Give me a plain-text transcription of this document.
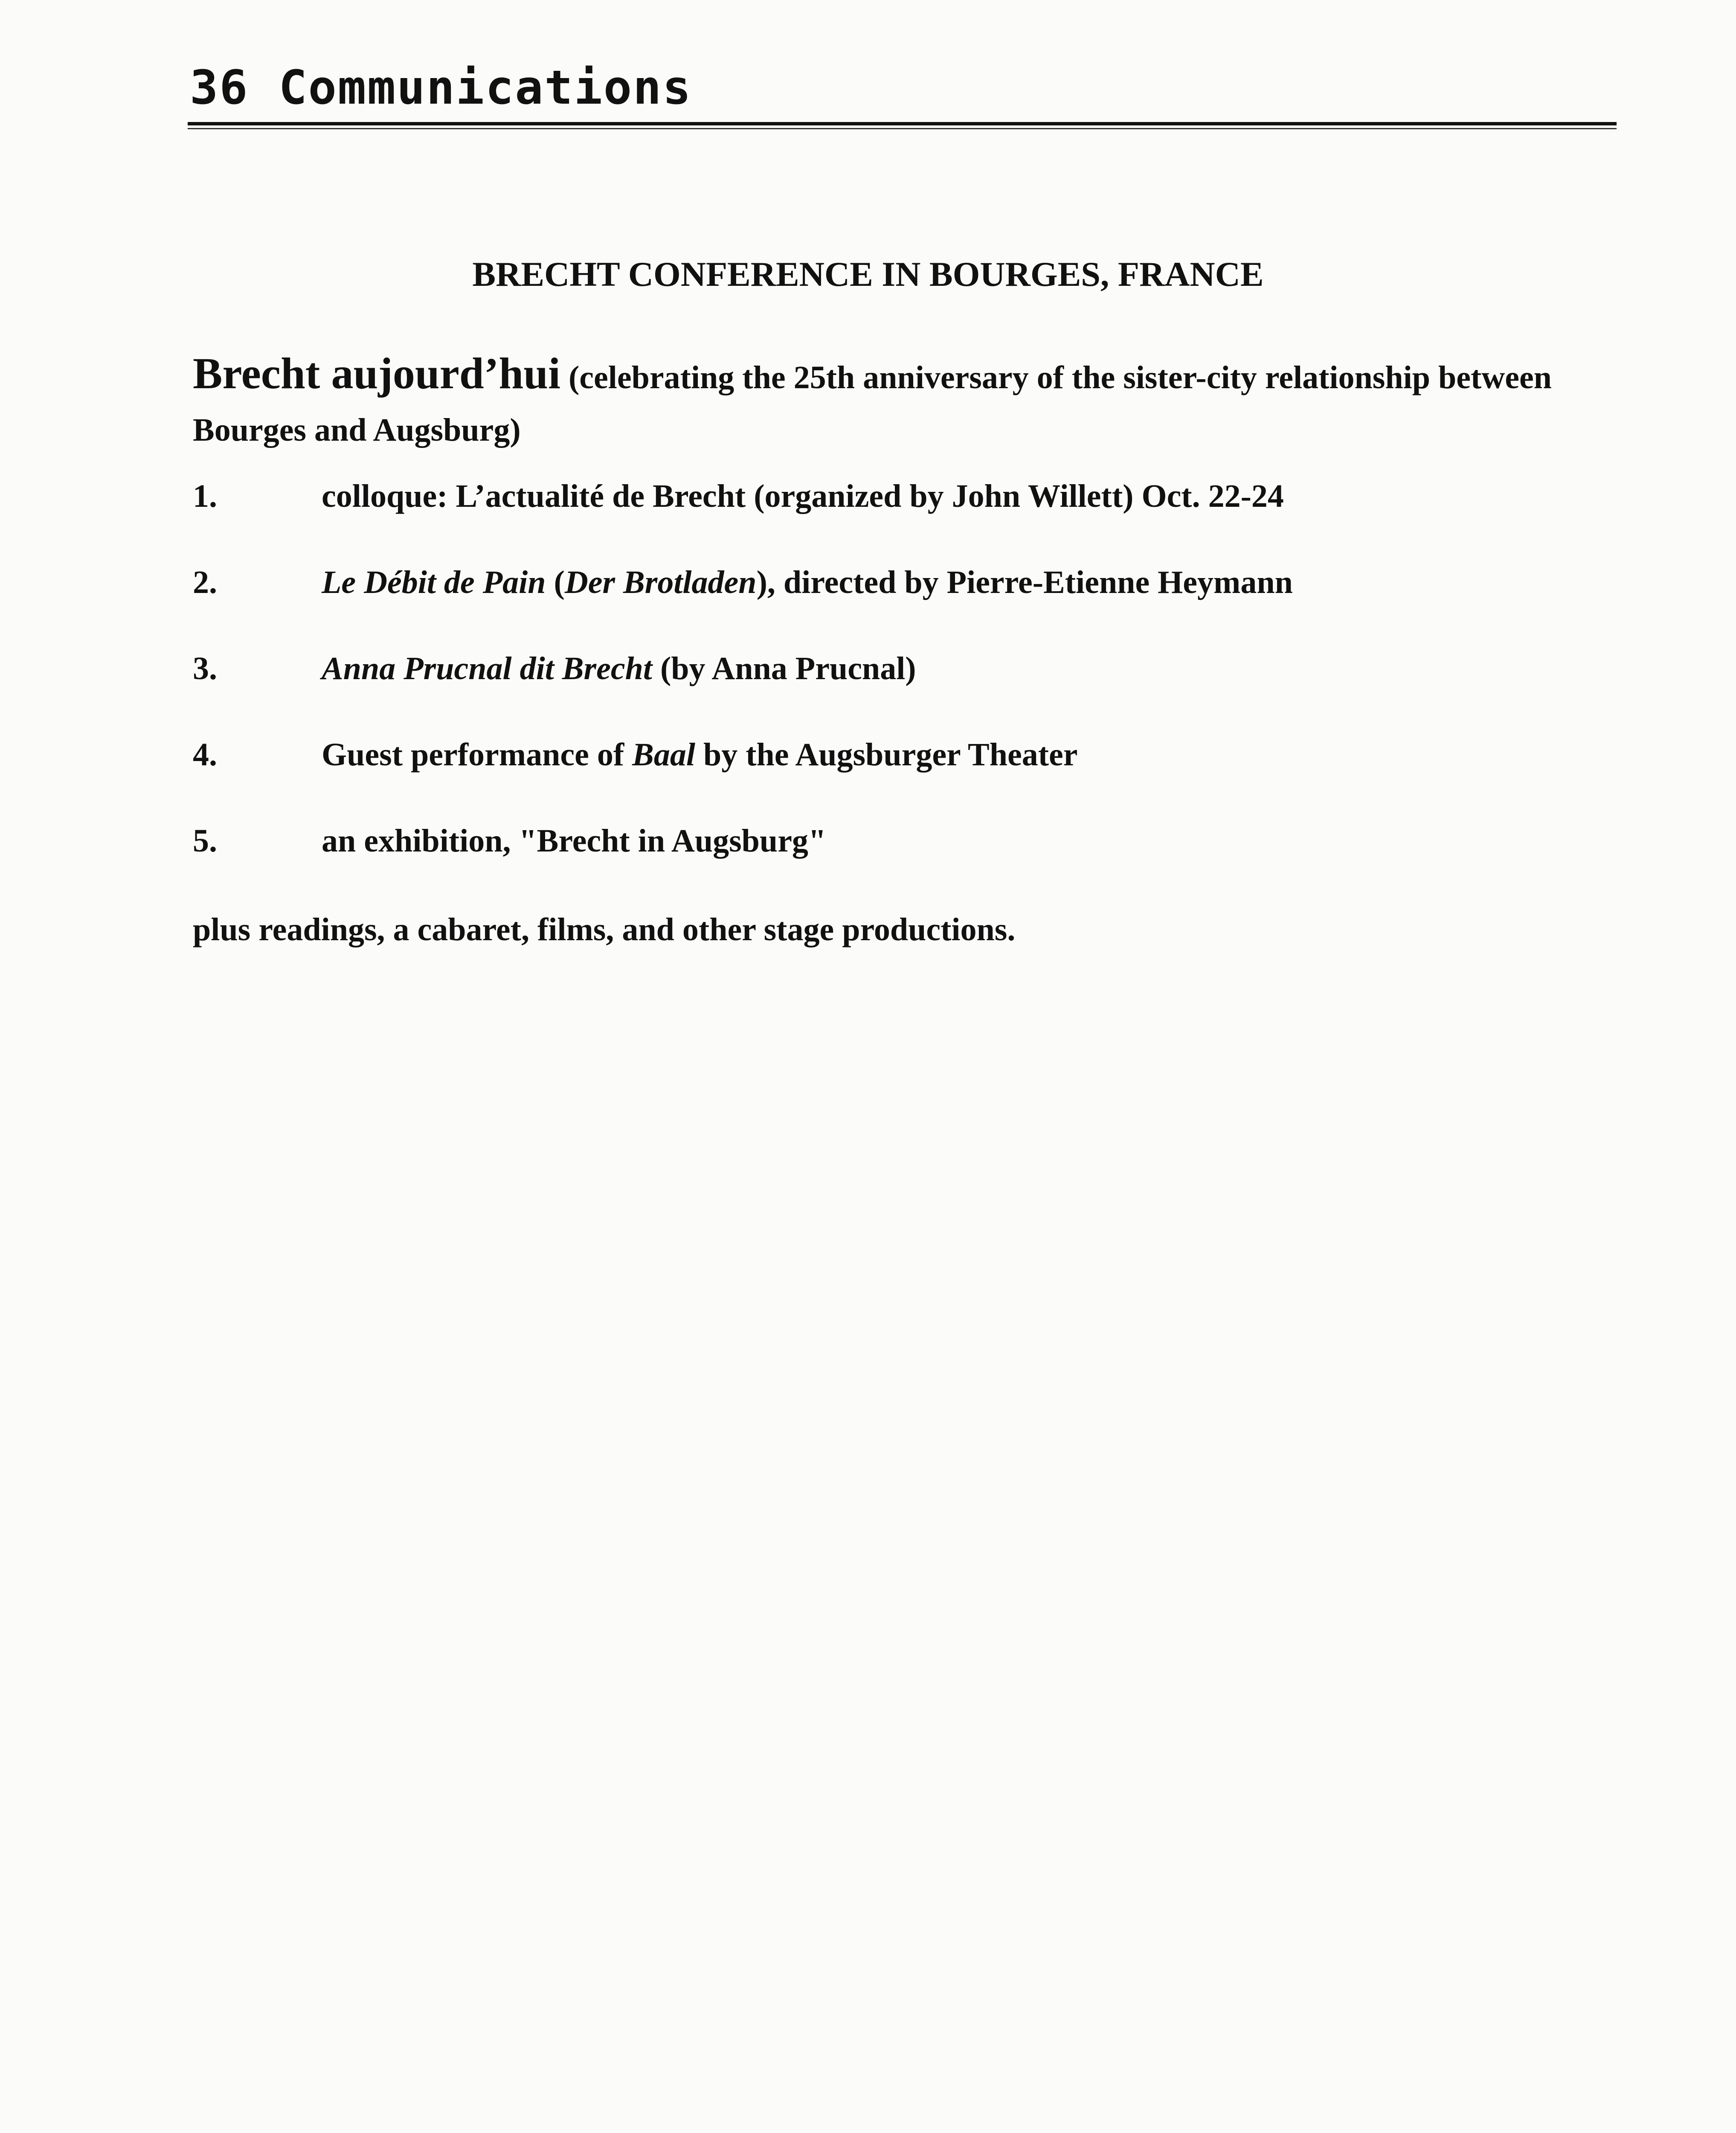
36 Communications
BRECHT CONFERENCE IN BOURGES, FRANCE

Brecht aujourd’hui (celebrating the 25th anniversary of the sister-city relationship between Bourges and Augsburg)

1.	colloque: L’actualité de Brecht (organized by John Willett) Oct. 22-24
2.	Le Débit de Pain (Der Brotladen), directed by Pierre-Etienne Heymann
3.	Anna Prucnal dit Brecht (by Anna Prucnal)
4.	Guest performance of Baal by the Augsburger Theater
5.	an exhibition, "Brecht in Augsburg"
plus readings, a cabaret, films, and other stage productions.
